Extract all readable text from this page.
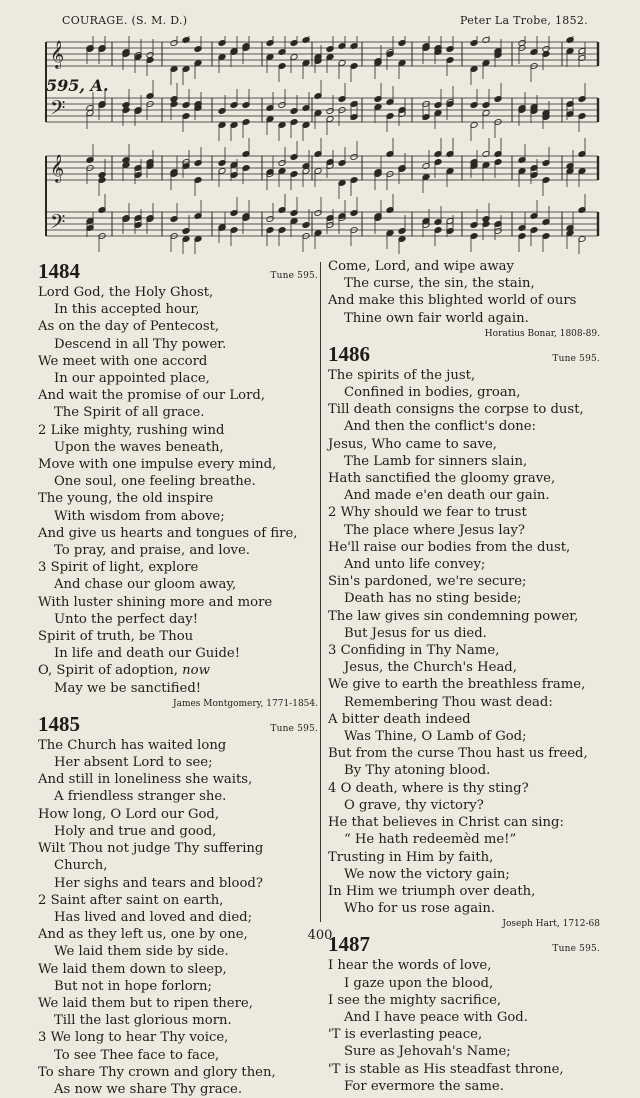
COURAGE. (S. M. D.)	Peter La Trobe, 1852.
𝄞
𝄢
𝄞
𝄢
595, A.
1484	Tune 595.
Lord God, the Holy Ghost,
In this accepted hour,
As on the day of Pentecost,
Descend in all Thy power.
We meet with one accord
In our appointed place,
And wait the promise of our Lord,
The Spirit of all grace.
2 Like mighty, rushing wind
Upon the waves beneath,
Move with one impulse every mind,
One soul, one feeling breathe.
The young, the old inspire
With wisdom from above;
And give us hearts and tongues of fire,
To pray, and praise, and love.
3 Spirit of light, explore
And chase our gloom away,
With luster shining more and more
Unto the perfect day!
Spirit of truth, be Thou
In life and death our Guide!
O, Spirit of adoption, now
May we be sanctified!
James Montgomery, 1771-1854.
1485	Tune 595.
The Church has waited long
Her absent Lord to see;
And still in loneliness she waits,
A friendless stranger she.
How long, O Lord our God,
Holy and true and good,
Wilt Thou not judge Thy suffering
Church,
Her sighs and tears and blood?
2 Saint after saint on earth,
Has lived and loved and died;
And as they left us, one by one,
We laid them side by side.
We laid them down to sleep,
But not in hope forlorn;
We laid them but to ripen there,
Till the last glorious morn.
3 We long to hear Thy voice,
To see Thee face to face,
To share Thy crown and glory then,
As now we share Thy grace.
Come, Lord, and wipe away
The curse, the sin, the stain,
And make this blighted world of ours
Thine own fair world again.
Horatius Bonar, 1808-89.
1486	Tune 595.
The spirits of the just,
Confined in bodies, groan,
Till death consigns the corpse to dust,
And then the conflict's done:
Jesus, Who came to save,
The Lamb for sinners slain,
Hath sanctified the gloomy grave,
And made e'en death our gain.
2 Why should we fear to trust
The place where Jesus lay?
He'll raise our bodies from the dust,
And unto life convey;
Sin's pardoned, we're secure;
Death has no sting beside;
The law gives sin condemning power,
But Jesus for us died.
3 Confiding in Thy Name,
Jesus, the Church's Head,
We give to earth the breathless frame,
Remembering Thou wast dead:
A bitter death indeed
Was Thine, O Lamb of God;
But from the curse Thou hast us freed,
By Thy atoning blood.
4 O death, where is thy sting?
O grave, thy victory?
He that believes in Christ can sing:
“ He hath redeemèd me!”
Trusting in Him by faith,
We now the victory gain;
In Him we triumph over death,
Who for us rose again.
Joseph Hart, 1712-68
1487	Tune 595.
I hear the words of love,
I gaze upon the blood,
I see the mighty sacrifice,
And I have peace with God.
'T is everlasting peace,
Sure as Jehovah's Name;
'T is stable as His steadfast throne,
For evermore the same.
400
